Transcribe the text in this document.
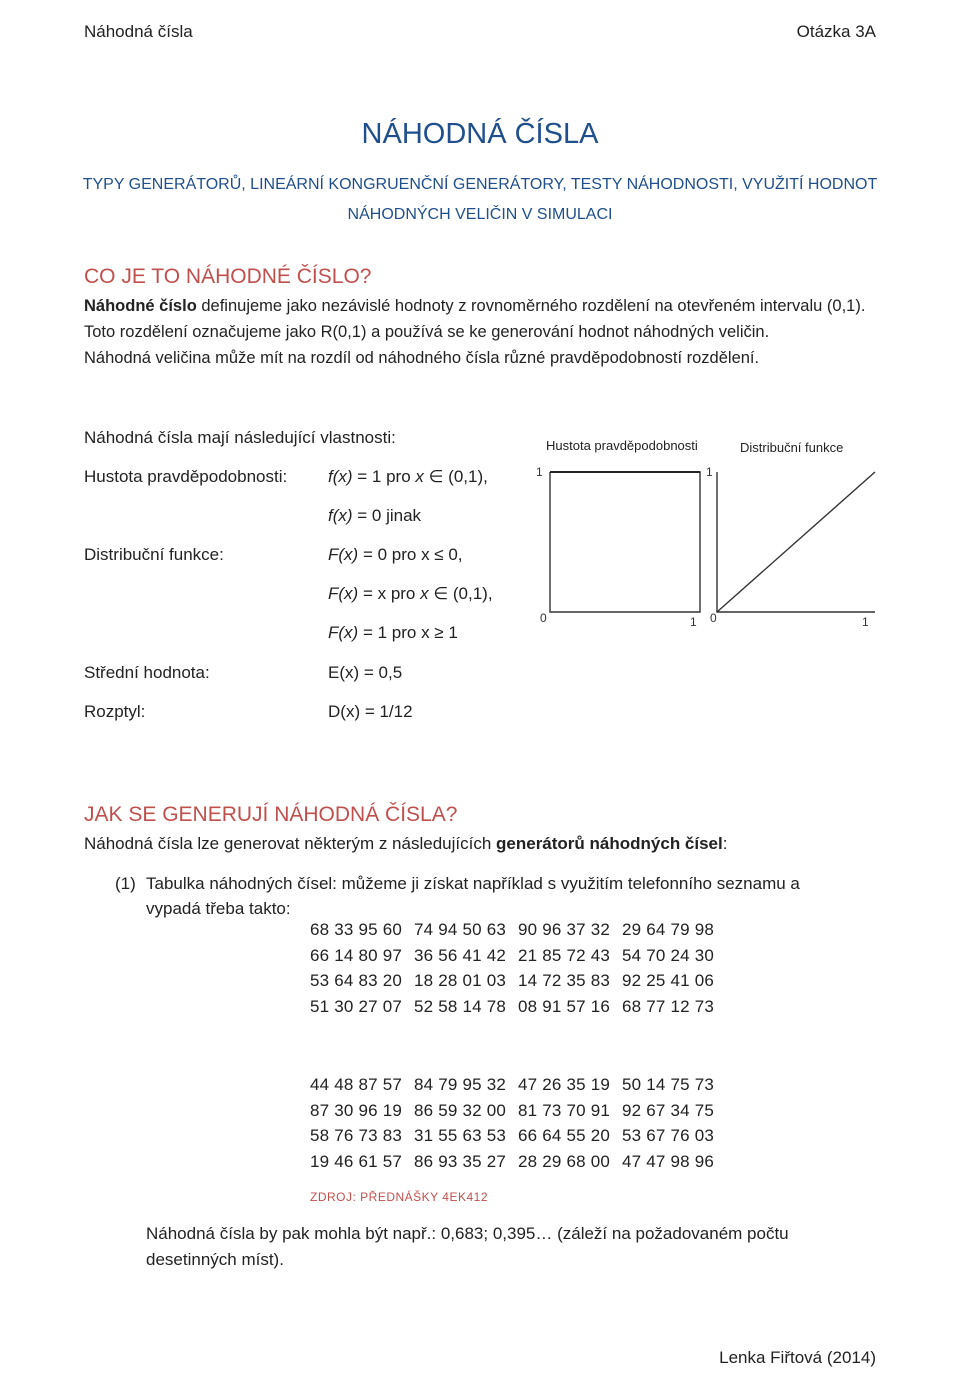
Náhodná čísla	Otázka 3A
NÁHODNÁ ČÍSLA
TYPY GENERÁTORŮ, LINEÁRNÍ KONGRUENČNÍ GENERÁTORY, TESTY NÁHODNOSTI, VYUŽITÍ HODNOT
NÁHODNÝCH VELIČIN V SIMULACI
CO JE TO NÁHODNÉ ČÍSLO?
Náhodné číslo definujeme jako nezávislé hodnoty z rovnoměrného rozdělení na otevřeném intervalu (0,1). Toto rozdělení označujeme jako R(0,1) a používá se ke generování hodnot náhodných veličin.
Náhodná veličina může mít na rozdíl od náhodného čísla různé pravděpodobností rozdělení.
Náhodná čísla mají následující vlastnosti:
Hustota pravděpodobnosti: f(x) = 1 pro x ∈ (0,1),
f(x) = 0 jinak
Distribuční funkce:	F(x) = 0 pro x ≤ 0,
F(x) = x pro x ∈ (0,1),
F(x) = 1 pro x ≥ 1
Střední hodnota:	E(x) = 0,5
Rozptyl:	D(x) = 1/12
Hustota pravděpodobnosti	Distribuční funkce
1
0	1
1
0	1
JAK SE GENERUJÍ NÁHODNÁ ČÍSLA?
Náhodná čísla lze generovat některým z následujících generátorů náhodných čísel:
(1) Tabulka náhodných čísel: můžeme ji získat například s využitím telefonního seznamu a
vypadá třeba takto:
68 33 95 60 74 94 50 63 90 96 37 32 29 64 79 98
66 14 80 97 36 56 41 42 21 85 72 43 54 70 24 30
53 64 83 20 18 28 01 03 14 72 35 83 92 25 41 06
51 30 27 07 52 58 14 78 08 91 57 16 68 77 12 73
44 48 87 57 84 79 95 32 47 26 35 19 50 14 75 73
87 30 96 19 86 59 32 00 81 73 70 91 92 67 34 75
58 76 73 83 31 55 63 53 66 64 55 20 53 67 76 03
19 46 61 57 86 93 35 27 28 29 68 00 47 47 98 96
ZDROJ: PŘEDNÁŠKY 4EK412
Náhodná čísla by pak mohla být např.: 0,683; 0,395… (záleží na požadovaném počtu
desetinných míst).
Lenka Fiřtová (2014)
